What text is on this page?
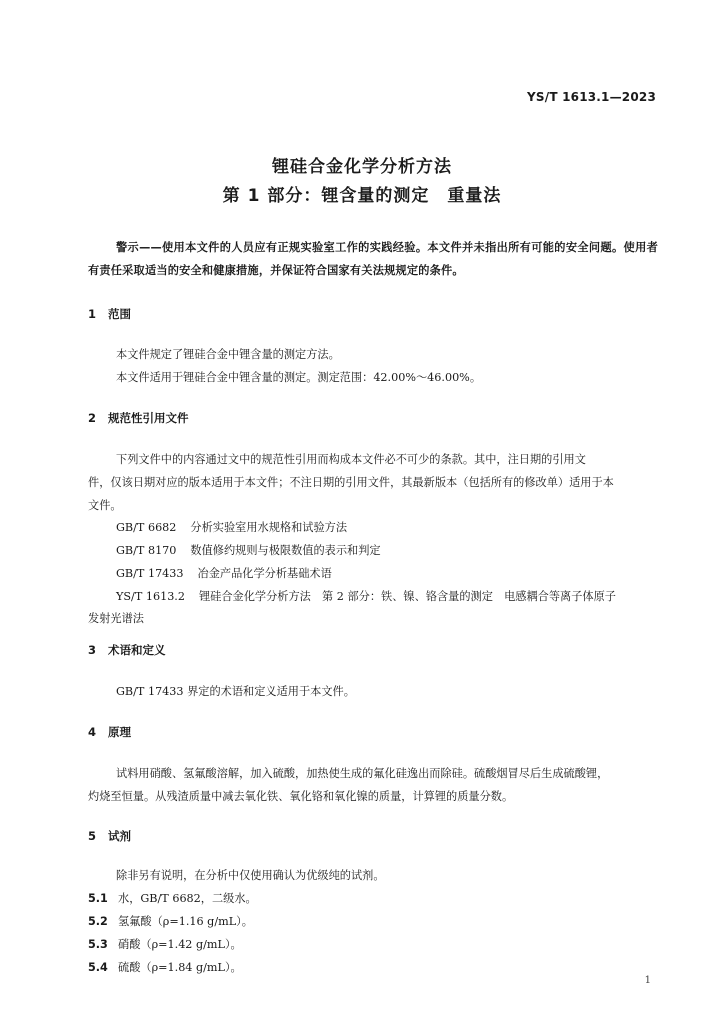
YS/T 1613.1—2023
锂硅合金化学分析方法
第 1 部分：锂含量的测定　重量法
警示——使用本文件的人员应有正规实验室工作的实践经验。本文件并未指出所有可能的安全问题。使用者有责任采取适当的安全和健康措施，并保证符合国家有关法规规定的条件。
1 范围
本文件规定了锂硅合金中锂含量的测定方法。
本文件适用于锂硅合金中锂含量的测定。测定范围：42.00%～46.00%。
2 规范性引用文件
下列文件中的内容通过文中的规范性引用而构成本文件必不可少的条款。其中，注日期的引用文
件，仅该日期对应的版本适用于本文件；不注日期的引用文件，其最新版本（包括所有的修改单）适用于本
文件。
GB/T 6682 分析实验室用水规格和试验方法
GB/T 8170 数值修约规则与极限数值的表示和判定
GB/T 17433 冶金产品化学分析基础术语
YS/T 1613.2 锂硅合金化学分析方法　第 2 部分：铁、镍、铬含量的测定　电感耦合等离子体原子
发射光谱法
3 术语和定义
GB/T 17433 界定的术语和定义适用于本文件。
4 原理
试料用硝酸、氢氟酸溶解，加入硫酸，加热使生成的氟化硅逸出而除硅。硫酸烟冒尽后生成硫酸锂，
灼烧至恒量。从残渣质量中减去氧化铁、氧化铬和氧化镍的质量，计算锂的质量分数。
5 试剂
除非另有说明，在分析中仅使用确认为优级纯的试剂。
5.1 水，GB/T 6682，二级水。
5.2 氢氟酸（ρ=1.16 g/mL）。
5.3 硝酸（ρ=1.42 g/mL）。
5.4 硫酸（ρ=1.84 g/mL）。
1
